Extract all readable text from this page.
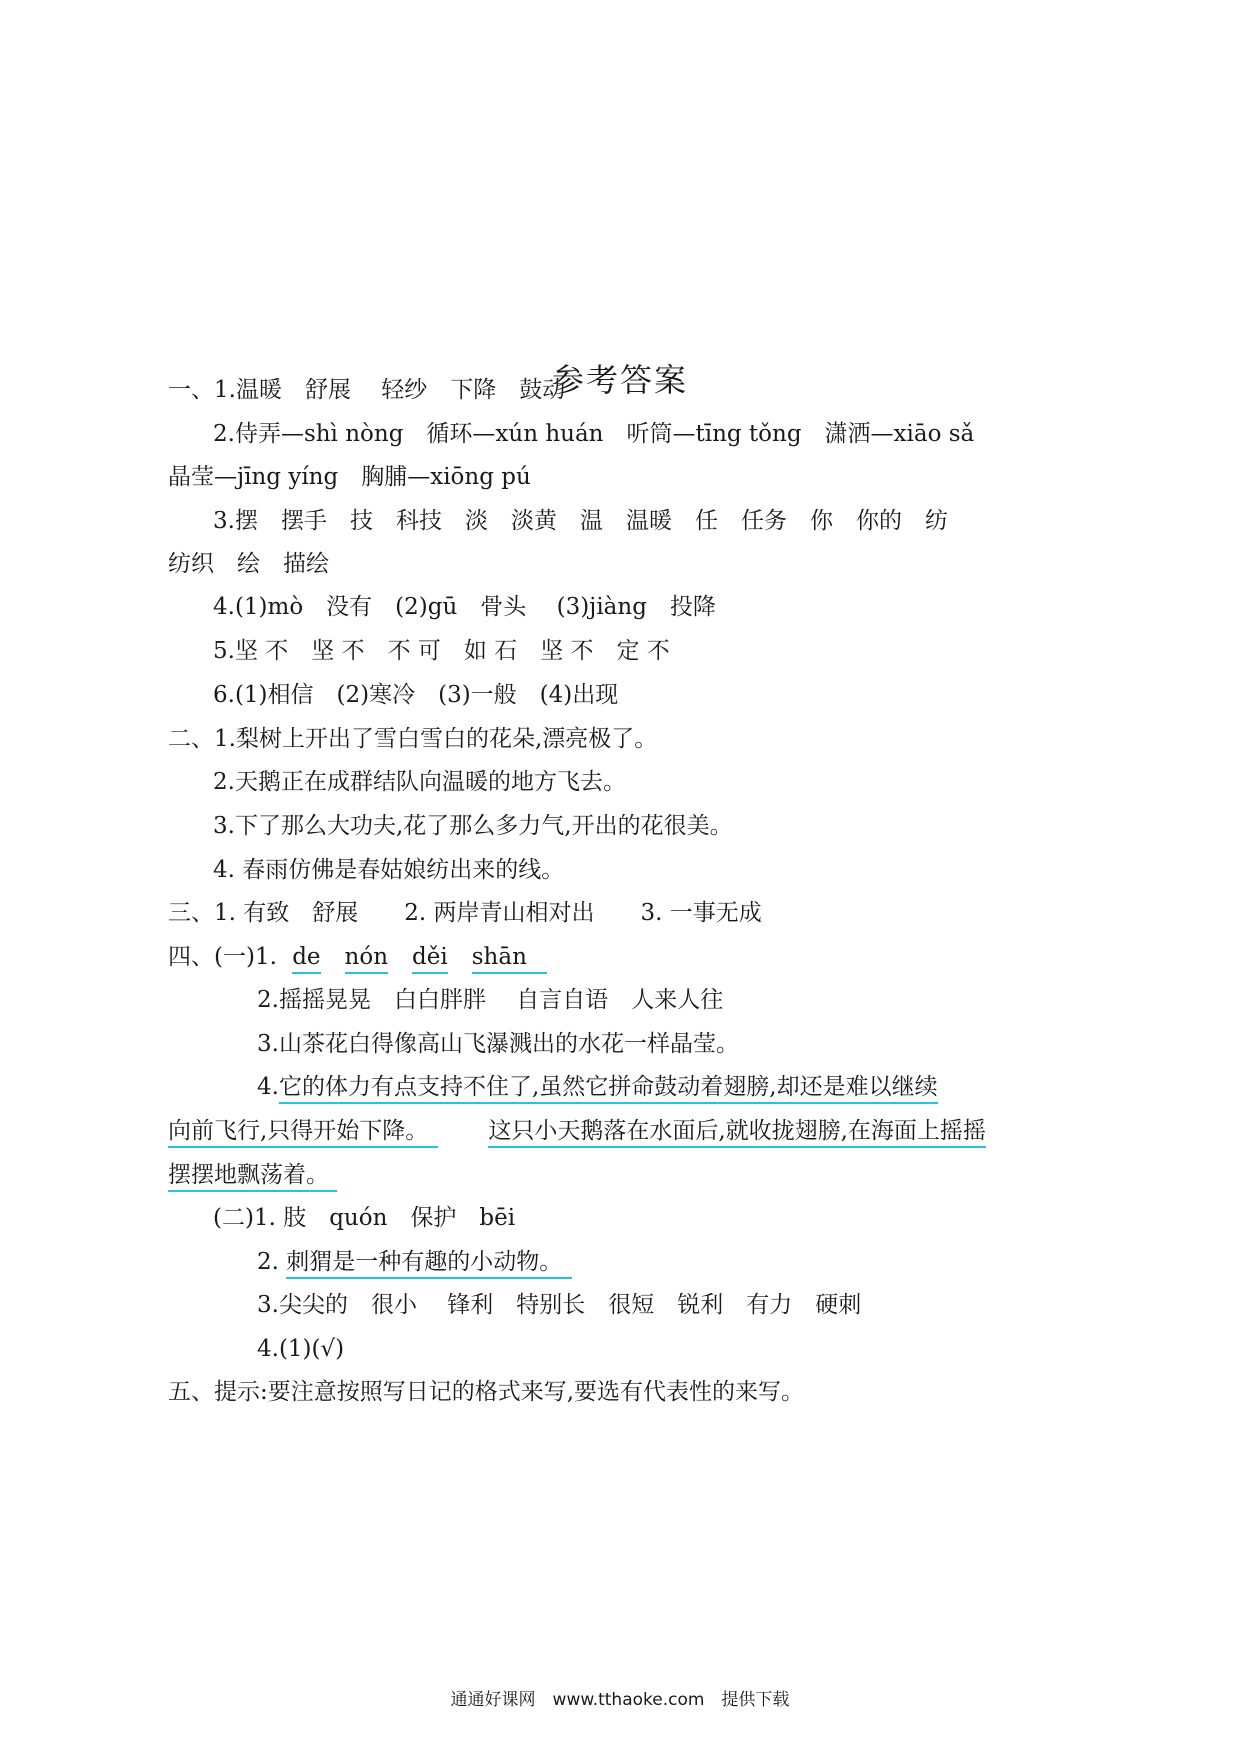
参考答案
一、1.温暖　舒展　 轻纱　下降　鼓动
2.侍弄—shì nòng　循环—xún huán　听筒—tīng tǒng　潇洒—xiāo sǎ
晶莹—jīng yíng　胸脯—xiōng pú
3.摆　摆手　技　科技　淡　淡黄　温　温暖　任　任务　你　你的　纺
纺织　绘　描绘
4.(1)mò　没有　(2)gū　骨头　 (3)jiàng　投降
5.坚 不　坚 不　不 可　如 石　坚 不　定 不
6.(1)相信　(2)寒冷　(3)一般　(4)出现
二、1.梨树上开出了雪白雪白的花朵,漂亮极了。
2.天鹅正在成群结队向温暖的地方飞去。
3.下了那么大功夫,花了那么多力气,开出的花很美。
4. 春雨仿佛是春姑娘纺出来的线。
三、1. 有致　舒展　　2. 两岸青山相对出　　3. 一事无成
四、(一)1. de nón děi shān
2.摇摇晃晃　白白胖胖　 自言自语　人来人往
3.山茶花白得像高山飞瀑溅出的水花一样晶莹。
4.它的体力有点支持不住了,虽然它拼命鼓动着翅膀,却还是难以继续
向前飞行,只得开始下降。	这只小天鹅落在水面后,就收拢翅膀,在海面上摇摇
摆摆地飘荡着。
(二)1. 肢　quón　保护　bēi
2. 刺猬是一种有趣的小动物。
3.尖尖的　很小　 锋利　特别长　很短　锐利　有力　硬刺
4.(1)(√)
五、提示:要注意按照写日记的格式来写,要选有代表性的来写。
通通好课网　www.tthaoke.com　提供下载
